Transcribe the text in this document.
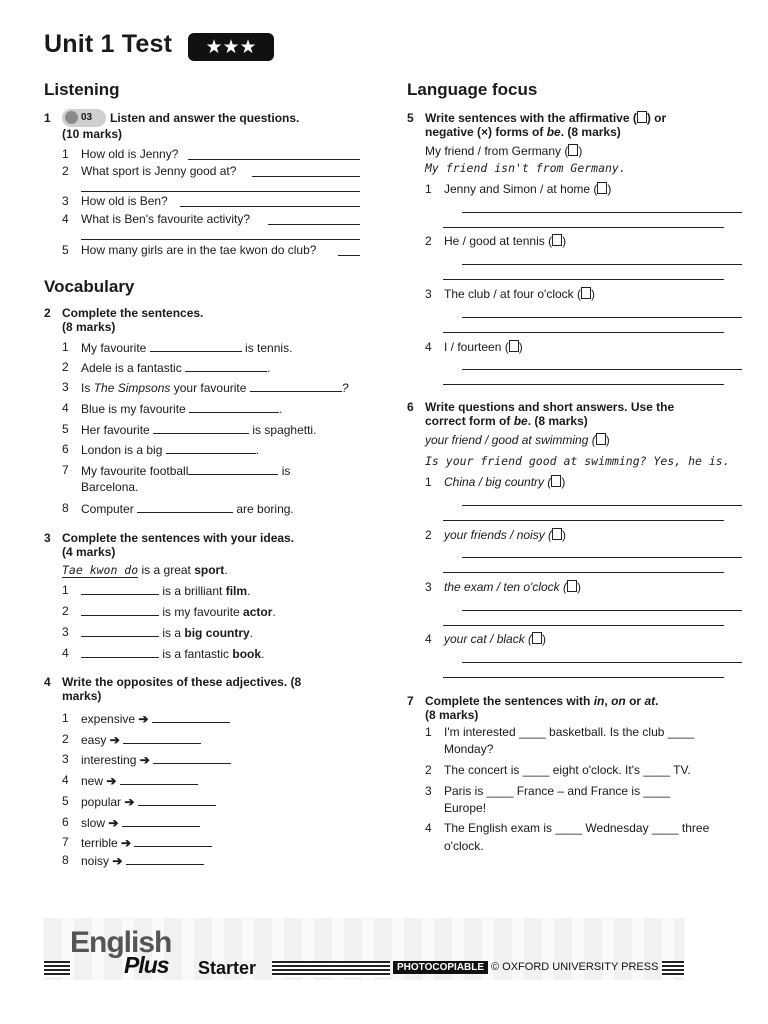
Unit 1 Test ★★★
Listening
1	03 Listen and answer the questions.
(10 marks)
1 How old is Jenny?
2 What sport is Jenny good at?
3 How old is Ben?
4 What is Ben's favourite activity?
5 How many girls are in the tae kwon do club?
Vocabulary
2 Complete the sentences.
(8 marks)
1 My favourite	is tennis.
2 Adele is a fantastic	.
3 Is The Simpsons your favourite	?
4 Blue is my favourite	.
5 Her favourite	is spaghetti.
6 London is a big	.
7 My favourite football	is
Barcelona.
8 Computer	are boring.
3 Complete the sentences with your ideas.
(4 marks)
Tae kwon do is a great sport.
1	is a brilliant film.
2	is my favourite actor.
3	is a big country.
4	is a fantastic book.
4 Write the opposites of these adjectives. (8
marks)
1 expensive ➔
2 easy ➔
3 interesting ➔
4 new ➔
5 popular ➔
6 slow ➔
7 terrible ➔
8 noisy ➔
Language focus
5 Write sentences with the affirmative ( ) or
negative (×) forms of be. (8 marks)
My friend / from Germany ( )
My friend isn't from Germany.
1 Jenny and Simon / at home ( )
2 He / good at tennis ( )
3 The club / at four o'clock ( )
4 I / fourteen ( )
6 Write questions and short answers. Use the
correct form of be. (8 marks)
your friend / good at swimming ( )
Is your friend good at swimming? Yes, he is.
1 China / big country ( )
2 your friends / noisy ( )
3 the exam / ten o'clock ( )
4 your cat / black ( )
7 Complete the sentences with in, on or at.
(8 marks)
1 I'm interested ____ basketball. Is the club ____
Monday?
2 The concert is ____ eight o'clock. It's ____ TV.
3 Paris is ____ France – and France is ____
Europe!
4 The English exam is ____ Wednesday ____ three
o'clock.
English
Plus Starter	PHOTOCOPIABLE © OXFORD UNIVERSITY PRESS
